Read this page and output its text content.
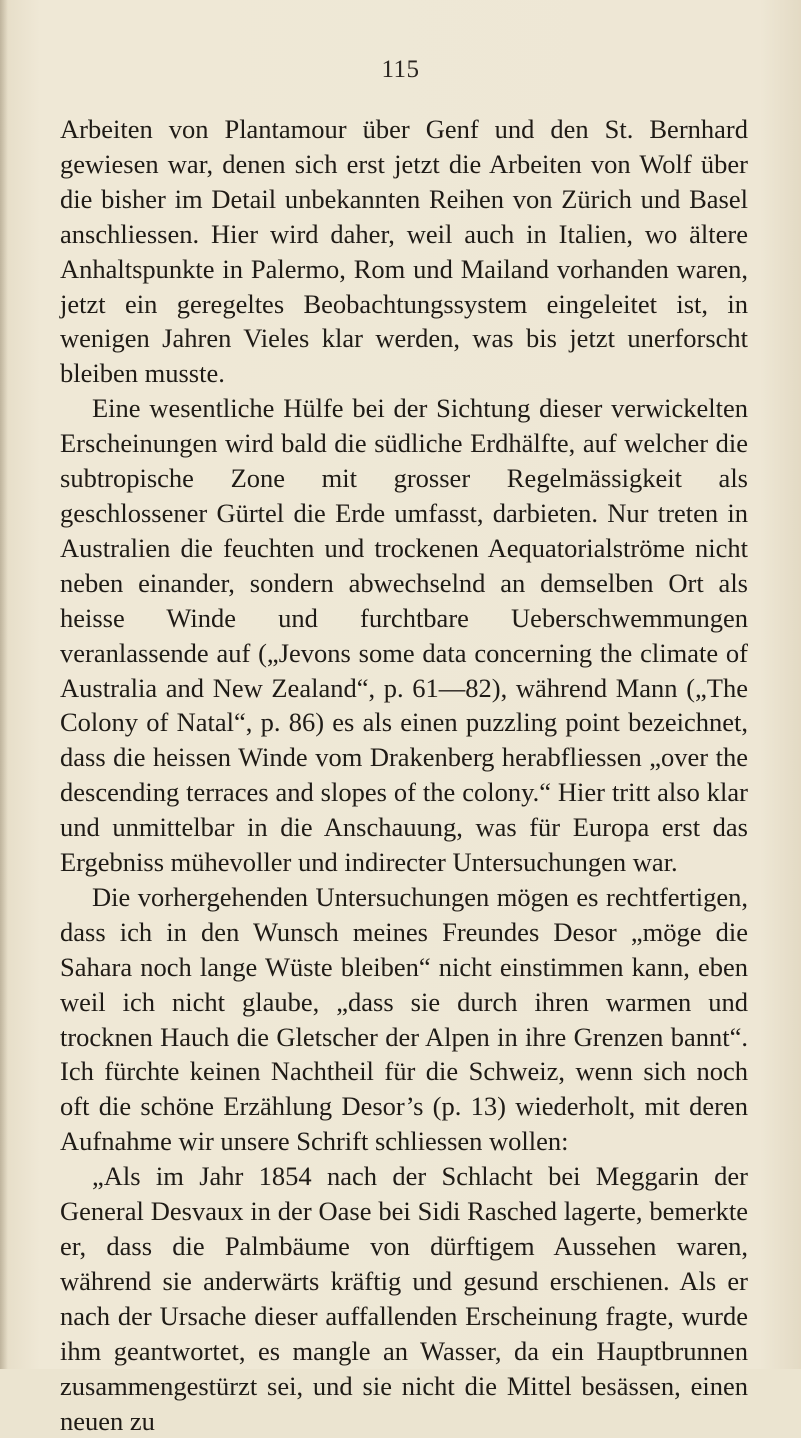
115

Arbeiten von Plantamour über Genf und den St. Bernhard gewiesen war, denen sich erst jetzt die Arbeiten von Wolf über die bisher im Detail unbekannten Reihen von Zürich und Basel anschliessen. Hier wird daher, weil auch in Italien, wo ältere Anhaltspunkte in Palermo, Rom und Mailand vorhanden waren, jetzt ein geregeltes Beobachtungssystem eingeleitet ist, in wenigen Jahren Vieles klar werden, was bis jetzt unerforscht bleiben musste.

Eine wesentliche Hülfe bei der Sichtung dieser verwickelten Erscheinungen wird bald die südliche Erdhälfte, auf welcher die subtropische Zone mit grosser Regelmässigkeit als geschlossener Gürtel die Erde umfasst, darbieten. Nur treten in Australien die feuchten und trockenen Aequatorialströme nicht neben einander, sondern abwechselnd an demselben Ort als heisse Winde und furchtbare Ueberschwemmungen veranlassende auf („Jevons some data concerning the climate of Australia and New Zealand“, p. 61—82), während Mann („The Colony of Natal“, p. 86) es als einen puzzling point bezeichnet, dass die heissen Winde vom Drakenberg herabfliessen „over the descending terraces and slopes of the colony.“ Hier tritt also klar und unmittelbar in die Anschauung, was für Europa erst das Ergebniss mühevoller und indirecter Untersuchungen war.

Die vorhergehenden Untersuchungen mögen es rechtfertigen, dass ich in den Wunsch meines Freundes Desor „möge die Sahara noch lange Wüste bleiben“ nicht einstimmen kann, eben weil ich nicht glaube, „dass sie durch ihren warmen und trocknen Hauch die Gletscher der Alpen in ihre Grenzen bannt“. Ich fürchte keinen Nachtheil für die Schweiz, wenn sich noch oft die schöne Erzählung Desor’s (p. 13) wiederholt, mit deren Aufnahme wir unsere Schrift schliessen wollen:

„Als im Jahr 1854 nach der Schlacht bei Meggarin der General Desvaux in der Oase bei Sidi Rasched lagerte, bemerkte er, dass die Palmbäume von dürftigem Aussehen waren, während sie anderwärts kräftig und gesund erschienen. Als er nach der Ursache dieser auffallenden Erscheinung fragte, wurde ihm geantwortet, es mangle an Wasser, da ein Hauptbrunnen zusammengestürzt sei, und sie nicht die Mittel besässen, einen neuen zu
